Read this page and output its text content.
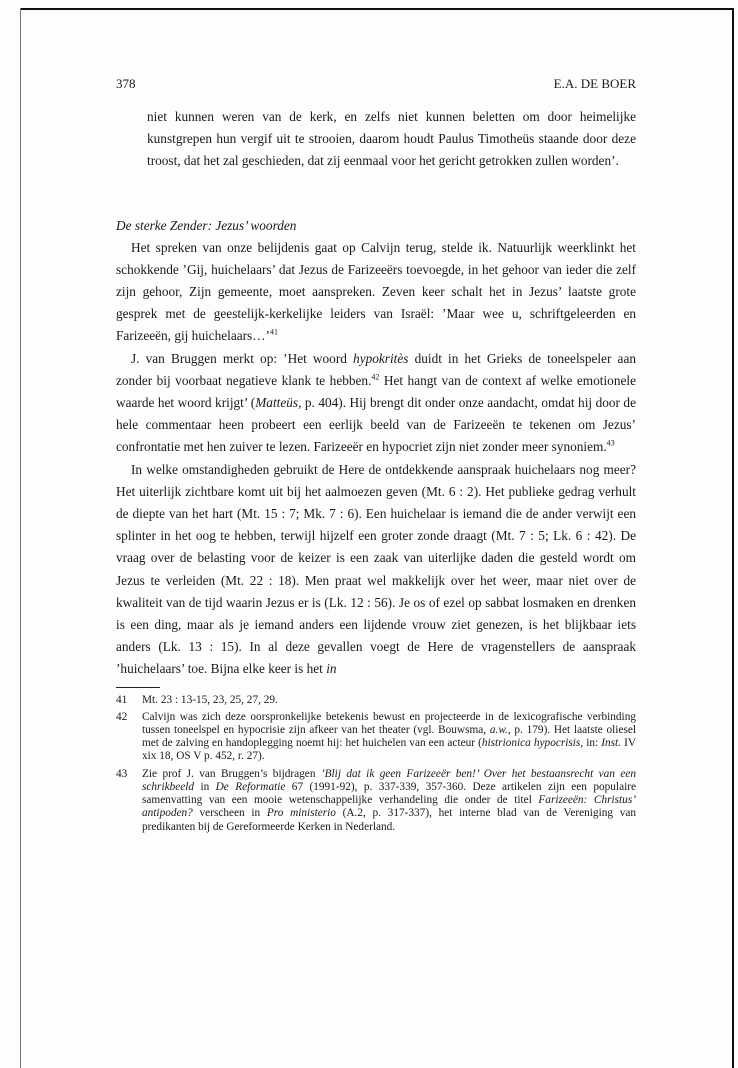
378	E.A. DE BOER

niet kunnen weren van de kerk, en zelfs niet kunnen beletten om door heimelijke kunstgrepen hun vergif uit te strooien, daarom houdt Paulus Timotheüs staande door deze troost, dat het zal geschieden, dat zij eenmaal voor het gericht getrokken zullen worden’.

De sterke Zender: Jezus’ woorden

Het spreken van onze belijdenis gaat op Calvijn terug, stelde ik. Natuurlijk weerklinkt het schokkende ’Gij, huichelaars’ dat Jezus de Farizeeërs toevoegde, in het gehoor van ieder die zelf zijn gehoor, Zijn gemeente, moet aanspreken. Zeven keer schalt het in Jezus’ laatste grote gesprek met de geestelijk-kerkelijke leiders van Israël: ’Maar wee u, schriftgeleerden en Farizeeën, gij huichelaars…’$^{41}$

J. van Bruggen merkt op: ’Het woord hypokritès duidt in het Grieks de toneelspeler aan zonder bij voorbaat negatieve klank te hebben.$^{42}$ Het hangt van de context af welke emotionele waarde het woord krijgt’ (Matteüs, p. 404). Hij brengt dit onder onze aandacht, omdat hij door de hele commentaar heen probeert een eerlijk beeld van de Farizeeën te tekenen om Jezus’ confrontatie met hen zuiver te lezen. Farizeeër en hypocriet zijn niet zonder meer synoniem.$^{43}$

In welke omstandigheden gebruikt de Here de ontdekkende aanspraak huichelaars nog meer? Het uiterlijk zichtbare komt uit bij het aalmoezen geven (Mt. 6 : 2). Het publieke gedrag verhult de diepte van het hart (Mt. 15 : 7; Mk. 7 : 6). Een huichelaar is iemand die de ander verwijt een splinter in het oog te hebben, terwijl hijzelf een groter zonde draagt (Mt. 7 : 5; Lk. 6 : 42). De vraag over de belasting voor de keizer is een zaak van uiterlijke daden die gesteld wordt om Jezus te verleiden (Mt. 22 : 18). Men praat wel makkelijk over het weer, maar niet over de kwaliteit van de tijd waarin Jezus er is (Lk. 12 : 56). Je os of ezel op sabbat losmaken en drenken is een ding, maar als je iemand anders een lijdende vrouw ziet genezen, is het blijkbaar iets anders (Lk. 13 : 15). In al deze gevallen voegt de Here de vragenstellers de aanspraak ’huichelaars’ toe. Bijna elke keer is het in

41	Mt. 23 : 13-15, 23, 25, 27, 29.
42	Calvijn was zich deze oorspronkelijke betekenis bewust en projecteerde in de lexicografische verbinding tussen toneelspel en hypocrisie zijn afkeer van het theater (vgl. Bouwsma, a.w., p. 179). Het laatste oliesel met de zalving en handoplegging noemt hij: het huichelen van een acteur (histrionica hypocrisis, in: Inst. IV xix 18, OS V p. 452, r. 27).
43	Zie prof J. van Bruggen’s bijdragen ’Blij dat ik geen Farizeeër ben!’ Over het bestaansrecht van een schrikbeeld in De Reformatie 67 (1991-92), p. 337-339, 357-360. Deze artikelen zijn een populaire samenvatting van een mooie wetenschappelijke verhandeling die onder de titel Farizeeën: Christus’ antipoden? verscheen in Pro ministerio (A.2, p. 317-337), het interne blad van de Vereniging van predikanten bij de Gereformeerde Kerken in Nederland.
